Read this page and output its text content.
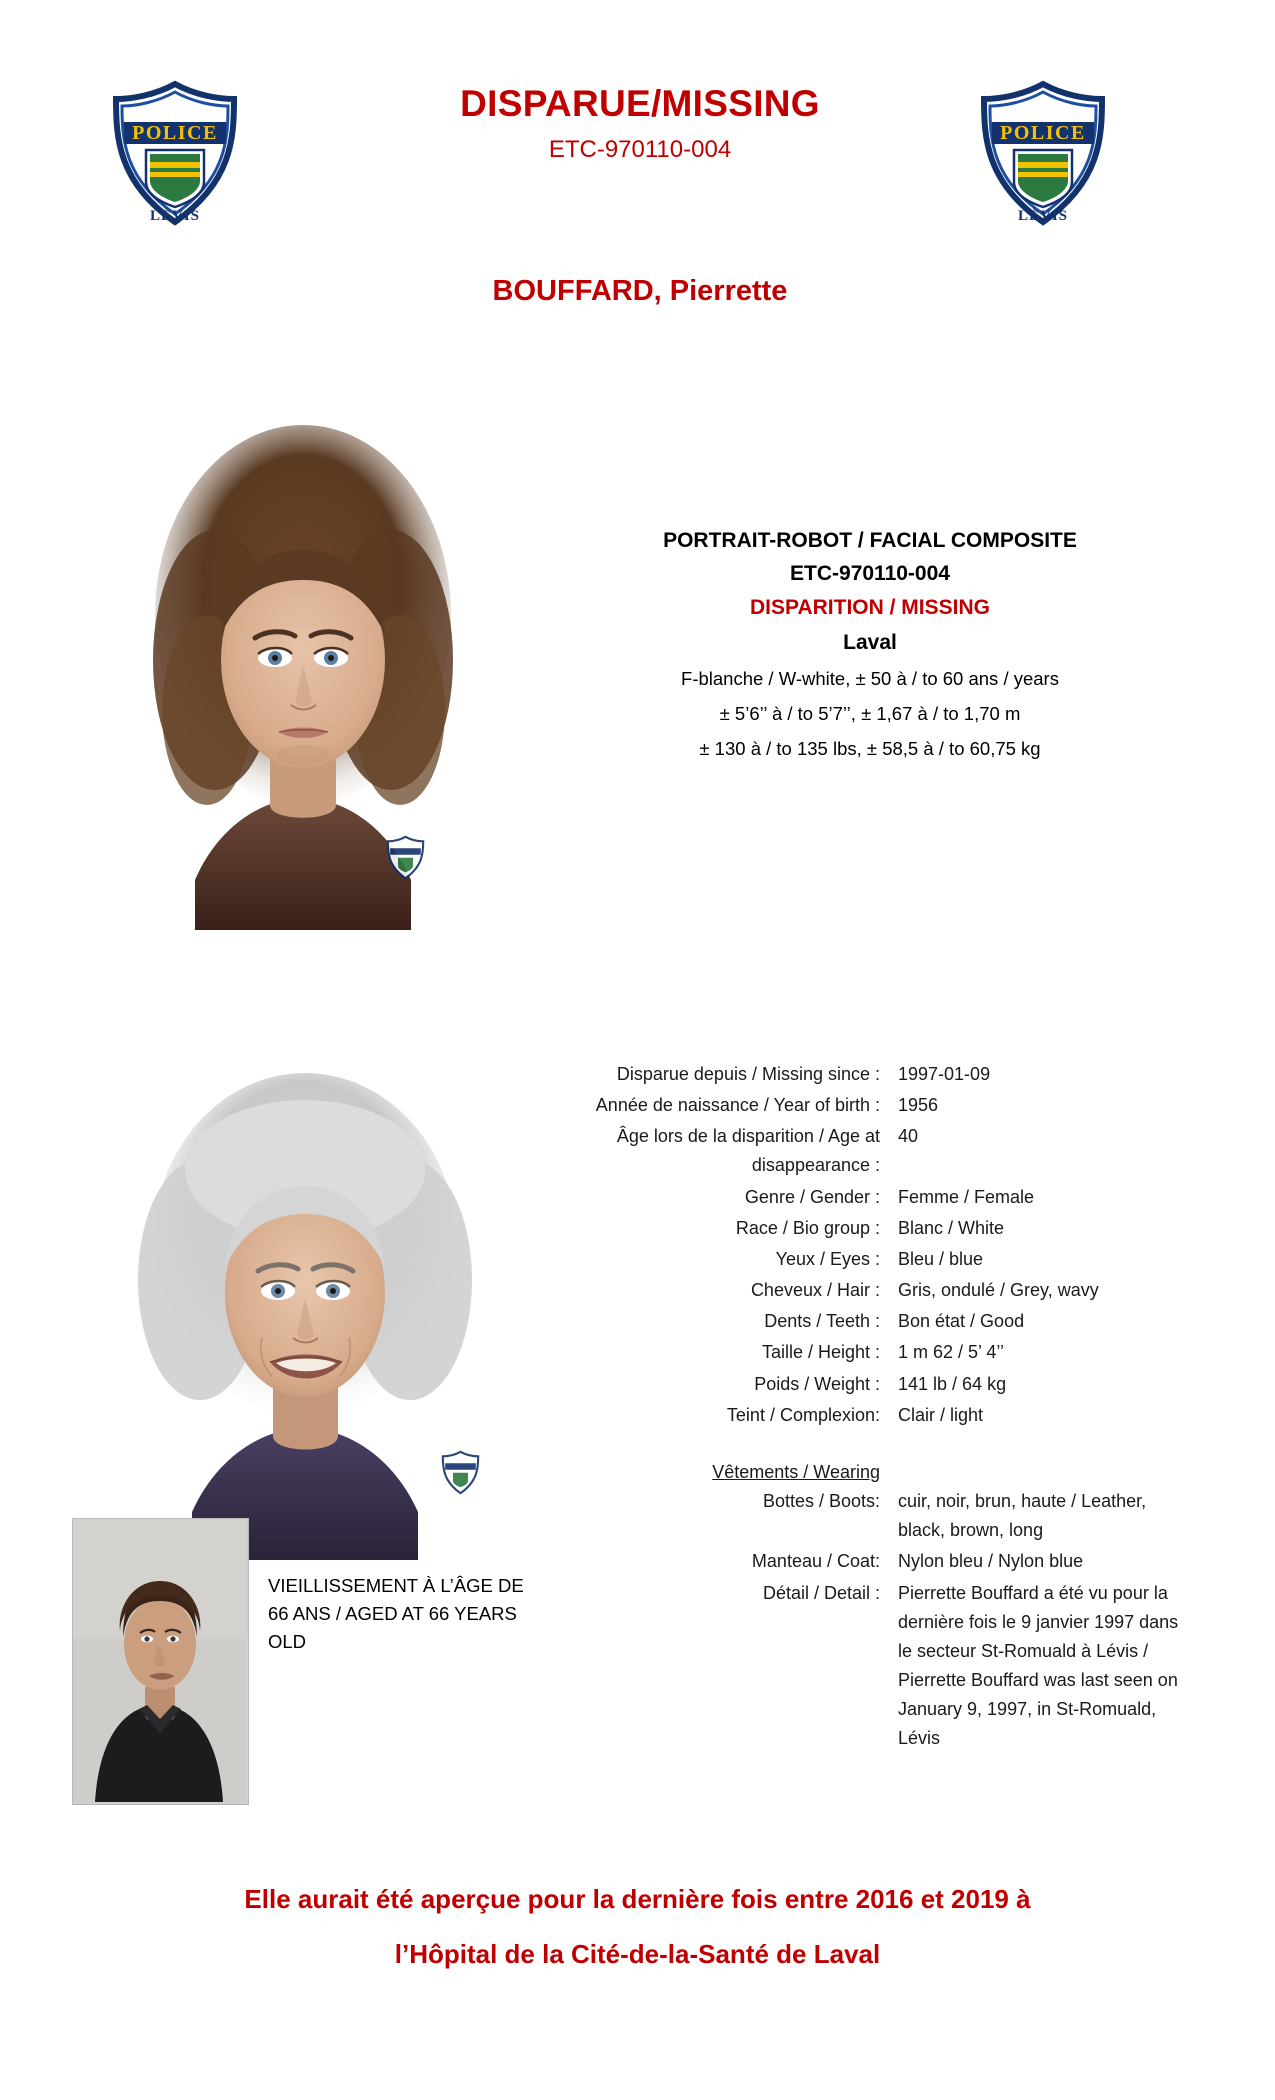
POLICE
LÉVIS
DISPARUE/MISSING
ETC-970110-004
POLICE
LÉVIS
BOUFFARD, Pierrette
PORTRAIT-ROBOT / FACIAL COMPOSITE
ETC-970110-004
DISPARITION / MISSING
Laval
F-blanche / W-white, ± 50 à / to 60 ans / years
± 5’6’’ à / to 5’7’’, ± 1,67 à / to 1,70 m
± 130 à / to 135 lbs, ± 58,5 à / to 60,75 kg
VIEILLISSEMENT À L’ÂGE DE 66 ANS / AGED AT 66 YEARS OLD
Disparue depuis / Missing since :	1997-01-09
Année de naissance / Year of birth :	1956
Âge lors de la disparition / Age at disappearance :	40
Genre / Gender :	Femme / Female
Race / Bio group :	Blanc / White
Yeux / Eyes :	Bleu / blue
Cheveux / Hair :	Gris, ondulé / Grey, wavy
Dents / Teeth :	Bon état / Good
Taille / Height :	1 m 62 / 5’ 4’’
Poids / Weight :	141 lb / 64 kg
Teint / Complexion:	Clair / light
Vêtements / Wearing
Bottes / Boots:	cuir, noir, brun, haute / Leather, black, brown, long
Manteau / Coat:	Nylon bleu / Nylon blue
Détail / Detail :	Pierrette Bouffard a été vu pour la dernière fois le 9 janvier 1997 dans le secteur St-Romuald à Lévis / Pierrette Bouffard was last seen on January 9, 1997, in St-Romuald, Lévis
Elle aurait été aperçue pour la dernière fois entre 2016 et 2019 à
l’Hôpital de la Cité-de-la-Santé de Laval
